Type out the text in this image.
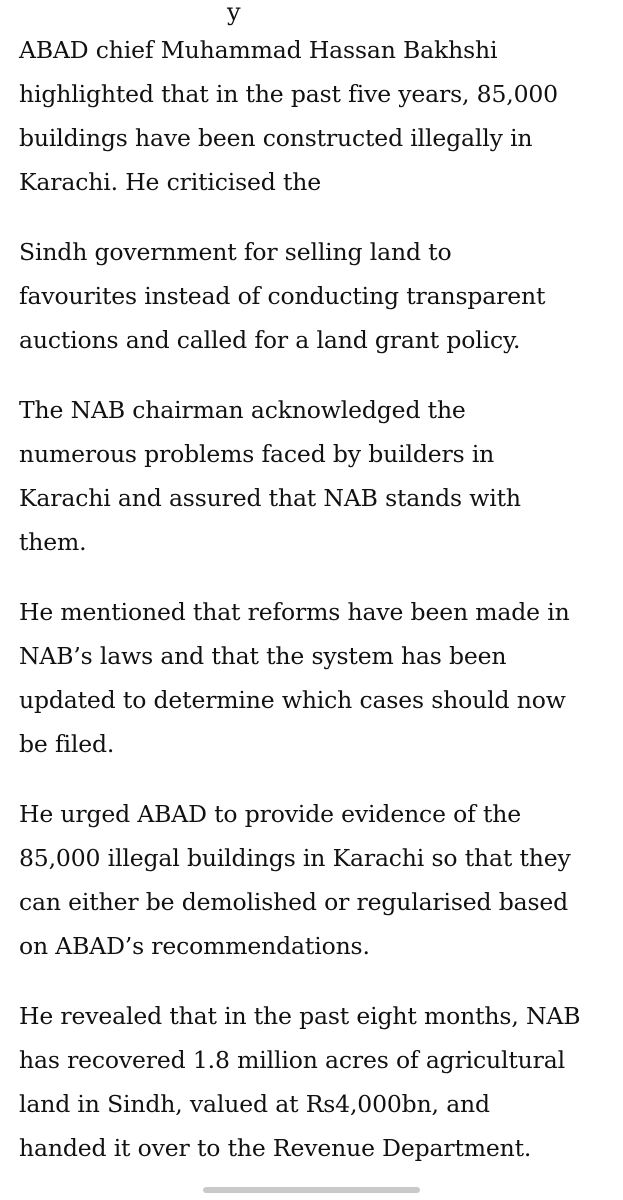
y

ABAD chief Muhammad Hassan Bakhshi
highlighted that in the past five years, 85,000
buildings have been constructed illegally in
Karachi. He criticised the

Sindh government for selling land to
favourites instead of conducting transparent
auctions and called for a land grant policy.

The NAB chairman acknowledged the
numerous problems faced by builders in
Karachi and assured that NAB stands with
them.

He mentioned that reforms have been made in
NAB’s laws and that the system has been
updated to determine which cases should now
be filed.

He urged ABAD to provide evidence of the
85,000 illegal buildings in Karachi so that they
can either be demolished or regularised based
on ABAD’s recommendations.

He revealed that in the past eight months, NAB
has recovered 1.8 million acres of agricultural
land in Sindh, valued at Rs4,000bn, and
handed it over to the Revenue Department.
